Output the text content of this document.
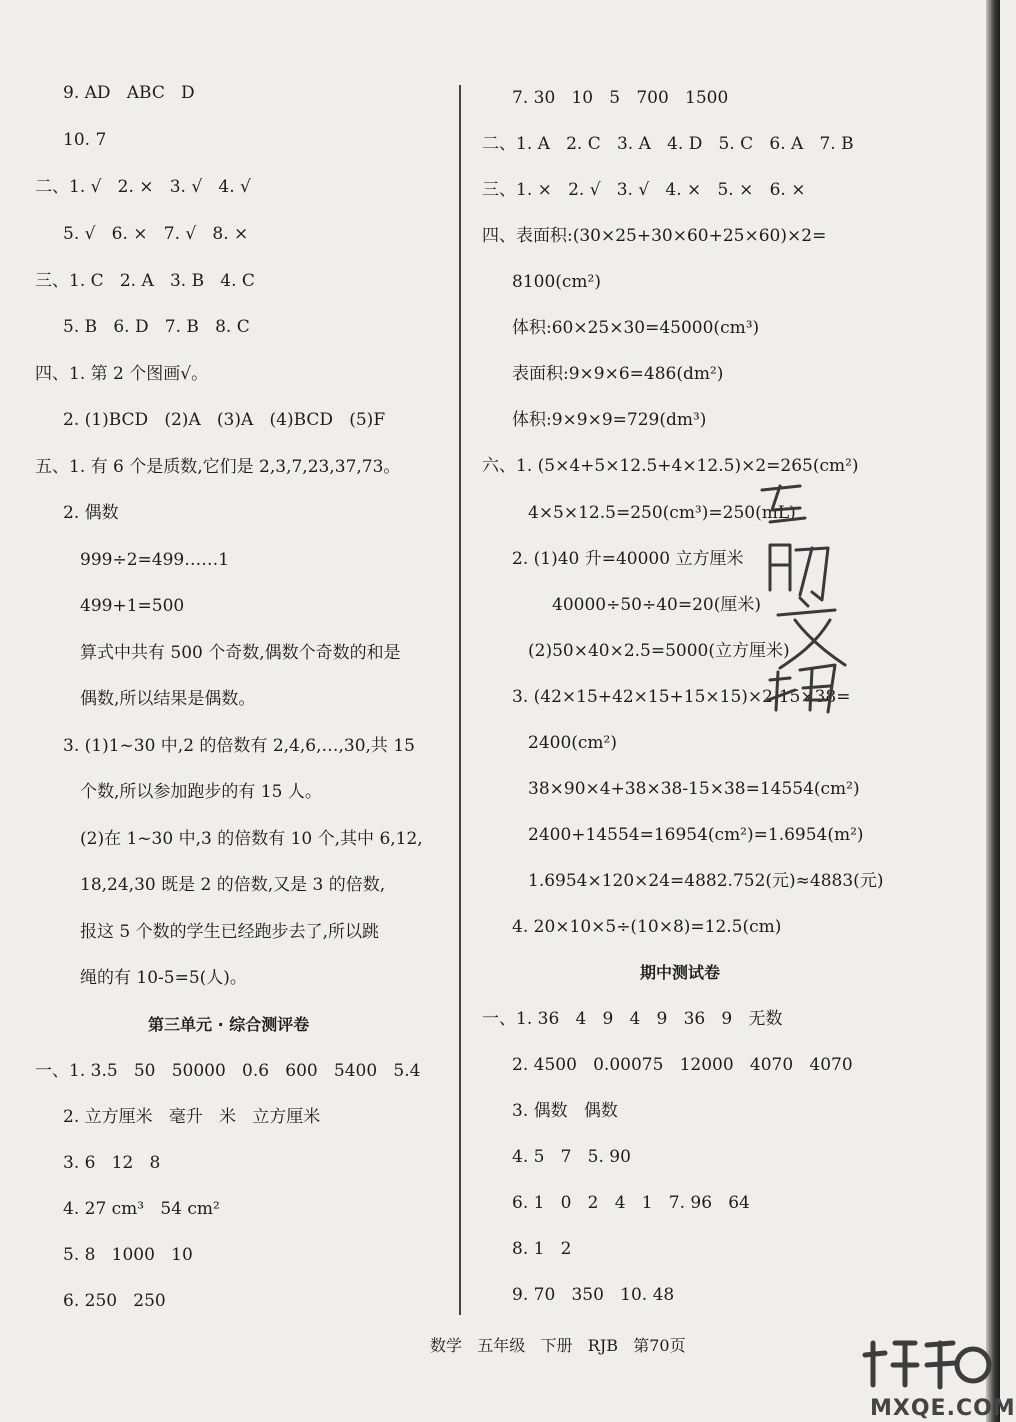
9. AD   ABC   D
10. 7
二、1. √   2. ×   3. √   4. √
5. √   6. ×   7. √   8. ×
三、1. C   2. A   3. B   4. C
5. B   6. D   7. B   8. C
四、1. 第 2 个图画√。
2. (1)BCD   (2)A   (3)A   (4)BCD   (5)F
五、1. 有 6 个是质数,它们是 2,3,7,23,37,73。
2. 偶数
999÷2=499……1
499+1=500
算式中共有 500 个奇数,偶数个奇数的和是
偶数,所以结果是偶数。
3. (1)1~30 中,2 的倍数有 2,4,6,…,30,共 15
个数,所以参加跑步的有 15 人。
(2)在 1~30 中,3 的倍数有 10 个,其中 6,12,
18,24,30 既是 2 的倍数,又是 3 的倍数,
报这 5 个数的学生已经跑步去了,所以跳
绳的有 10-5=5(人)。
第三单元 · 综合测评卷
一、1. 3.5   50   50000   0.6   600   5400   5.4
2. 立方厘米   毫升   米   立方厘米
3. 6   12   8
4. 27 cm³   54 cm²
5. 8   1000   10
6. 250   250
7. 30   10   5   700   1500
二、1. A   2. C   3. A   4. D   5. C   6. A   7. B
三、1. ×   2. √   3. √   4. ×   5. ×   6. ×
四、表面积:(30×25+30×60+25×60)×2=
8100(cm²)
体积:60×25×30=45000(cm³)
表面积:9×9×6=486(dm²)
体积:9×9×9=729(dm³)
六、1. (5×4+5×12.5+4×12.5)×2=265(cm²)
4×5×12.5=250(cm³)=250(mL)
2. (1)40 升=40000 立方厘米
40000÷50÷40=20(厘米)
(2)50×40×2.5=5000(立方厘米)
3. (42×15+42×15+15×15)×2-15×38=
2400(cm²)
38×90×4+38×38-15×38=14554(cm²)
2400+14554=16954(cm²)=1.6954(m²)
1.6954×120×24=4882.752(元)≈4883(元)
4. 20×10×5÷(10×8)=12.5(cm)
期中测试卷
一、1. 36   4   9   4   9   36   9   无数
2. 4500   0.00075   12000   4070   4070
3. 偶数   偶数
4. 5   7   5. 90
6. 1   0   2   4   1   7. 96   64
8. 1   2
9. 70   350   10. 48
数学   五年级   下册   RJB   第70页
MXQE.COM
